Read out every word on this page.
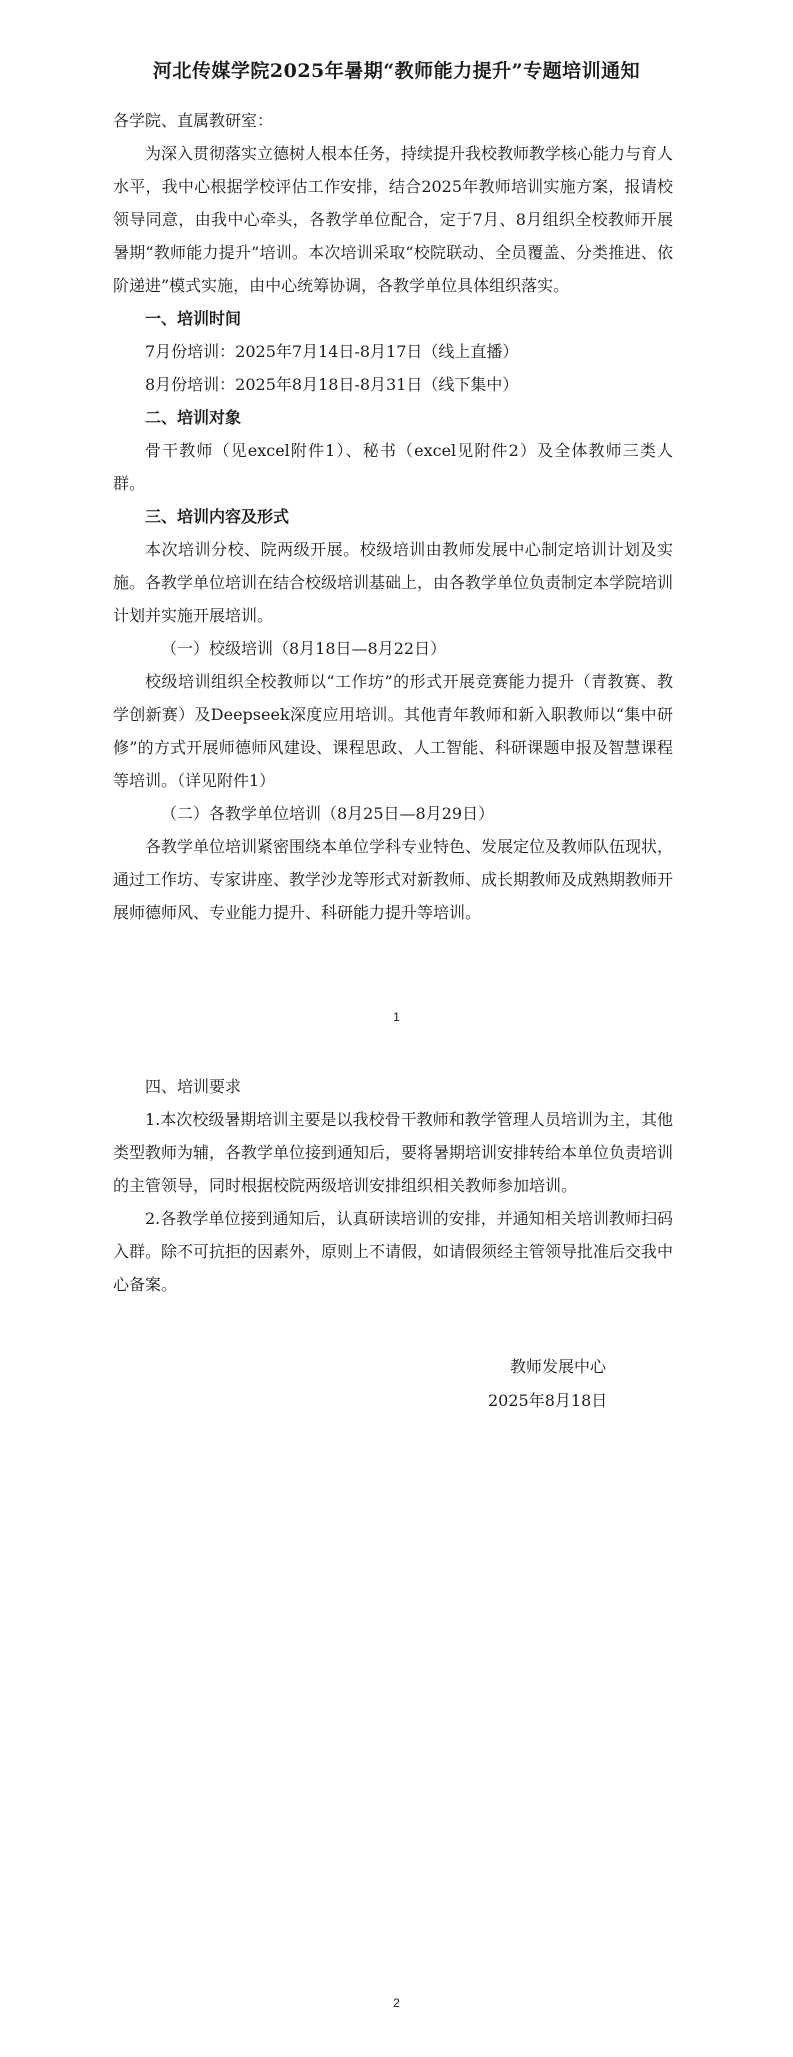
河北传媒学院2025年暑期“教师能力提升”专题培训通知

各学院、直属教研室：

为深入贯彻落实立德树人根本任务，持续提升我校教师教学核心能力与育人水平，我中心根据学校评估工作安排，结合2025年教师培训实施方案，报请校领导同意，由我中心牵头，各教学单位配合，定于7月、8月组织全校教师开展暑期“教师能力提升”培训。本次培训采取“校院联动、全员覆盖、分类推进、依阶递进”模式实施，由中心统筹协调，各教学单位具体组织落实。

一、培训时间

7月份培训：2025年7月14日-8月17日（线上直播）

8月份培训：2025年8月18日-8月31日（线下集中）

二、培训对象

骨干教师（见excel附件1）、秘书（excel见附件2）及全体教师三类人群。

三、培训内容及形式

本次培训分校、院两级开展。校级培训由教师发展中心制定培训计划及实施。各教学单位培训在结合校级培训基础上，由各教学单位负责制定本学院培训计划并实施开展培训。

（一）校级培训（8月18日—8月22日）

校级培训组织全校教师以“工作坊”的形式开展竞赛能力提升（青教赛、教学创新赛）及Deepseek深度应用培训。其他青年教师和新入职教师以“集中研修”的方式开展师德师风建设、课程思政、人工智能、科研课题申报及智慧课程等培训。（详见附件1）

（二）各教学单位培训（8月25日—8月29日）

各教学单位培训紧密围绕本单位学科专业特色、发展定位及教师队伍现状，通过工作坊、专家讲座、教学沙龙等形式对新教师、成长期教师及成熟期教师开展师德师风、专业能力提升、科研能力提升等培训。

1

四、培训要求

1.本次校级暑期培训主要是以我校骨干教师和教学管理人员培训为主，其他类型教师为辅，各教学单位接到通知后，要将暑期培训安排转给本单位负责培训的主管领导，同时根据校院两级培训安排组织相关教师参加培训。

2.各教学单位接到通知后，认真研读培训的安排，并通知相关培训教师扫码入群。除不可抗拒的因素外，原则上不请假，如请假须经主管领导批准后交我中心备案。

教师发展中心

2025年8月18日

2
